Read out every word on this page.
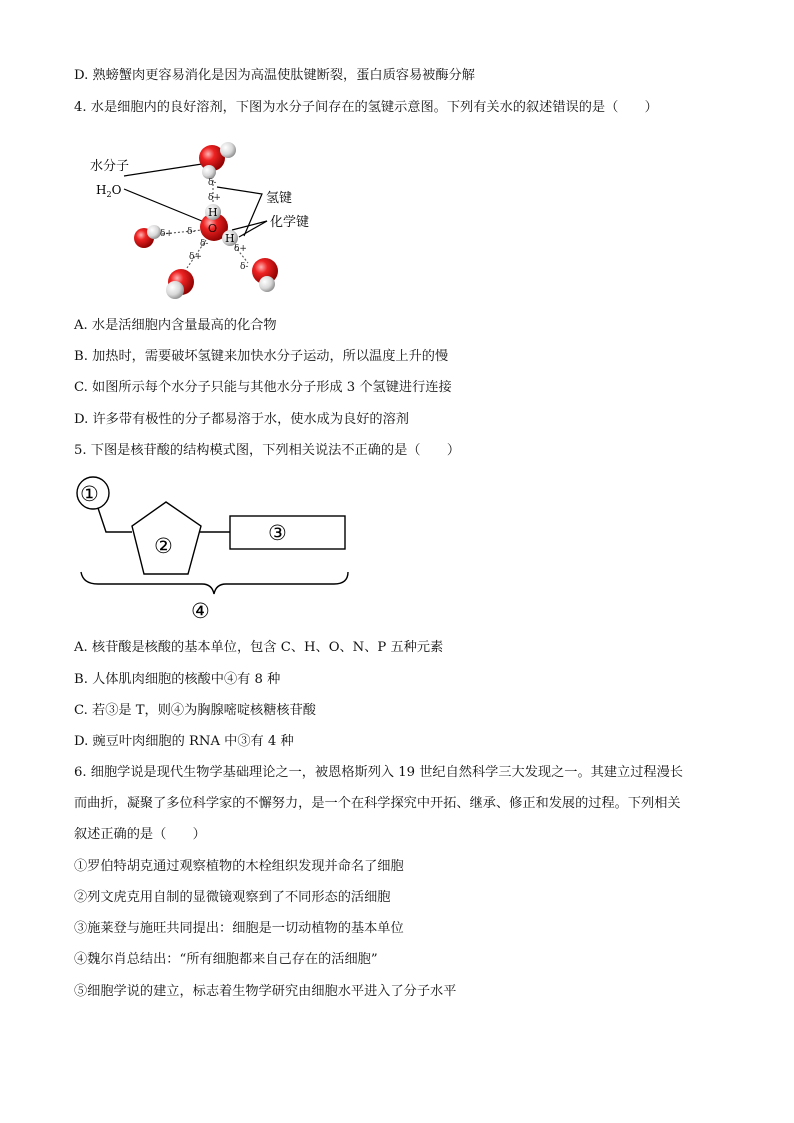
D. 熟螃蟹肉更容易消化是因为高温使肽键断裂，蛋白质容易被酶分解
4. 水是细胞内的良好溶剂，下图为水分子间存在的氢键示意图。下列有关水的叙述错误的是（　　）
H
O
H
δ-
δ+
δ+ δ-
δ-
δ+
δ+
δ-
水分子
$H_2O$
氢键
化学键
A. 水是活细胞内含量最高的化合物
B. 加热时，需要破坏氢键来加快水分子运动，所以温度上升的慢
C. 如图所示每个水分子只能与其他水分子形成 3 个氢键进行连接
D. 许多带有极性的分子都易溶于水，使水成为良好的溶剂
5. 下图是核苷酸的结构模式图，下列相关说法不正确的是（　　）
①
②
③
④
A. 核苷酸是核酸的基本单位，包含 C、H、O、N、P 五种元素
B. 人体肌肉细胞的核酸中④有 8 种
C. 若③是 T，则④为胸腺嘧啶核糖核苷酸
D. 豌豆叶肉细胞的 RNA 中③有 4 种
6. 细胞学说是现代生物学基础理论之一，被恩格斯列入 19 世纪自然科学三大发现之一。其建立过程漫长
而曲折，凝聚了多位科学家的不懈努力，是一个在科学探究中开拓、继承、修正和发展的过程。下列相关
叙述正确的是（　　）
①罗伯特胡克通过观察植物的木栓组织发现并命名了细胞
②列文虎克用自制的显微镜观察到了不同形态的活细胞
③施莱登与施旺共同提出：细胞是一切动植物的基本单位
④魏尔肖总结出：“所有细胞都来自己存在的活细胞”
⑤细胞学说的建立，标志着生物学研究由细胞水平进入了分子水平
